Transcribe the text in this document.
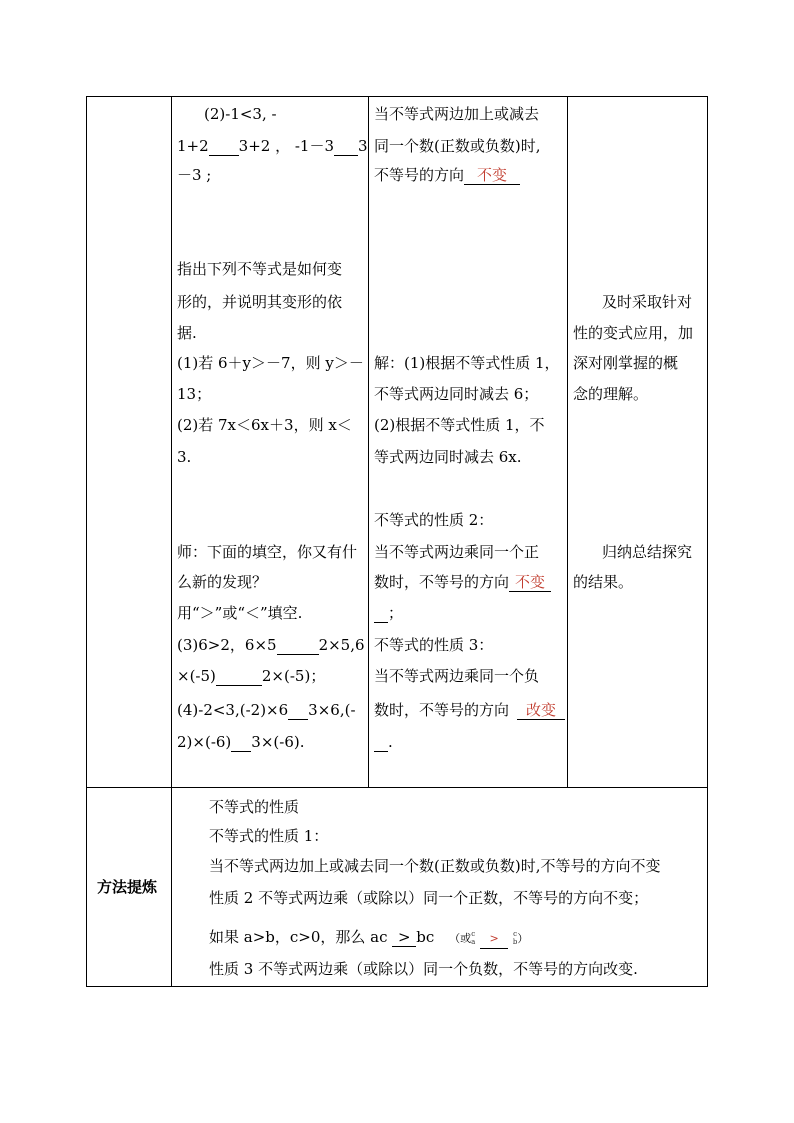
(2)-1<3, -
1+2 3+2 ， -1－3 3
－3 ;
指出下列不等式是如何变
形的，并说明其变形的依
据.
(1)若 6＋y＞－7，则 y＞－
13；
(2)若 7x＜6x＋3，则 x＜
3.
师：下面的填空，你又有什
么新的发现？
用“＞”或“＜”填空.
(3)6>2，6×5	2×5,6
×(-5)	2×(-5)；
(4)-2<3,(-2)×6 3×6,(-
2)×(-6) 3×(-6).
当不等式两边加上或减去
同一个数(正数或负数)时,
不等号的方向 不变
解：(1)根据不等式性质 1，
不等式两边同时减去 6；
(2)根据不等式性质 1，不
等式两边同时减去 6x.
不等式的性质 2：
当不等式两边乘同一个正
数时，不等号的方向 不变
；
不等式的性质 3：
当不等式两边乘同一个负
数时，不等号的方向 改变
.
及时采取针对
性的变式应用，加
深对刚掌握的概
念的理解。
归纳总结探究
的结果。
方法提炼
不等式的性质
不等式的性质 1：
当不等式两边加上或减去同一个数(正数或负数)时,不等号的方向不变
性质 2 不等式两边乘（或除以）同一个正数，不等号的方向不变；
如果 a>b，c>0，那么 ac > bc （或c
a > c
b）
性质 3 不等式两边乘（或除以）同一个负数，不等号的方向改变.
